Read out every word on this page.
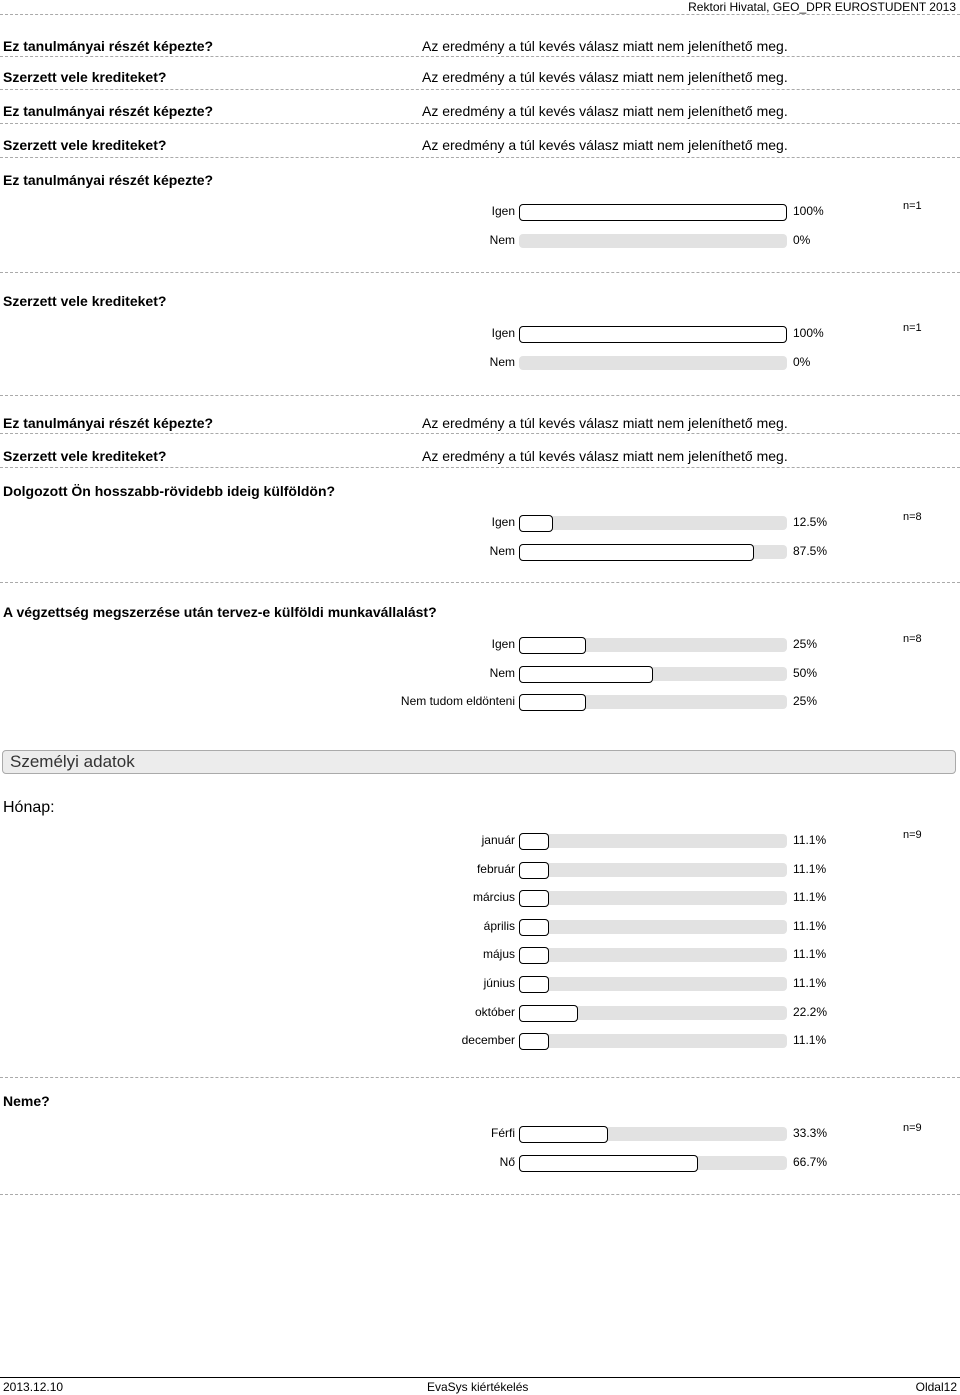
Rektori Hivatal, GEO_DPR EUROSTUDENT 2013
Ez tanulmányai részét képezte?	Az eredmény a túl kevés válasz miatt nem jeleníthető meg.
Szerzett vele krediteket?	Az eredmény a túl kevés válasz miatt nem jeleníthető meg.
Ez tanulmányai részét képezte?	Az eredmény a túl kevés válasz miatt nem jeleníthető meg.
Szerzett vele krediteket?	Az eredmény a túl kevés válasz miatt nem jeleníthető meg.
Ez tanulmányai részét képezte?
n=1
Igen	100%
Nem	0%
Szerzett vele krediteket?
n=1
Igen	100%
Nem	0%
Ez tanulmányai részét képezte?	Az eredmény a túl kevés válasz miatt nem jeleníthető meg.
Szerzett vele krediteket?	Az eredmény a túl kevés válasz miatt nem jeleníthető meg.
Dolgozott Ön hosszabb-rövidebb ideig külföldön?
n=8
Igen	12.5%
Nem	87.5%
A végzettség megszerzése után tervez-e külföldi munkavállalást?
n=8
Igen	25%
Nem	50%
Nem tudom eldönteni	25%
Személyi adatok
Hónap:
n=9
január	11.1%
február	11.1%
március	11.1%
április	11.1%
május	11.1%
június	11.1%
október	22.2%
december	11.1%
Neme?
n=9
Férfi	33.3%
Nő	66.7%
2013.12.10	EvaSys kiértékelés	Oldal12
